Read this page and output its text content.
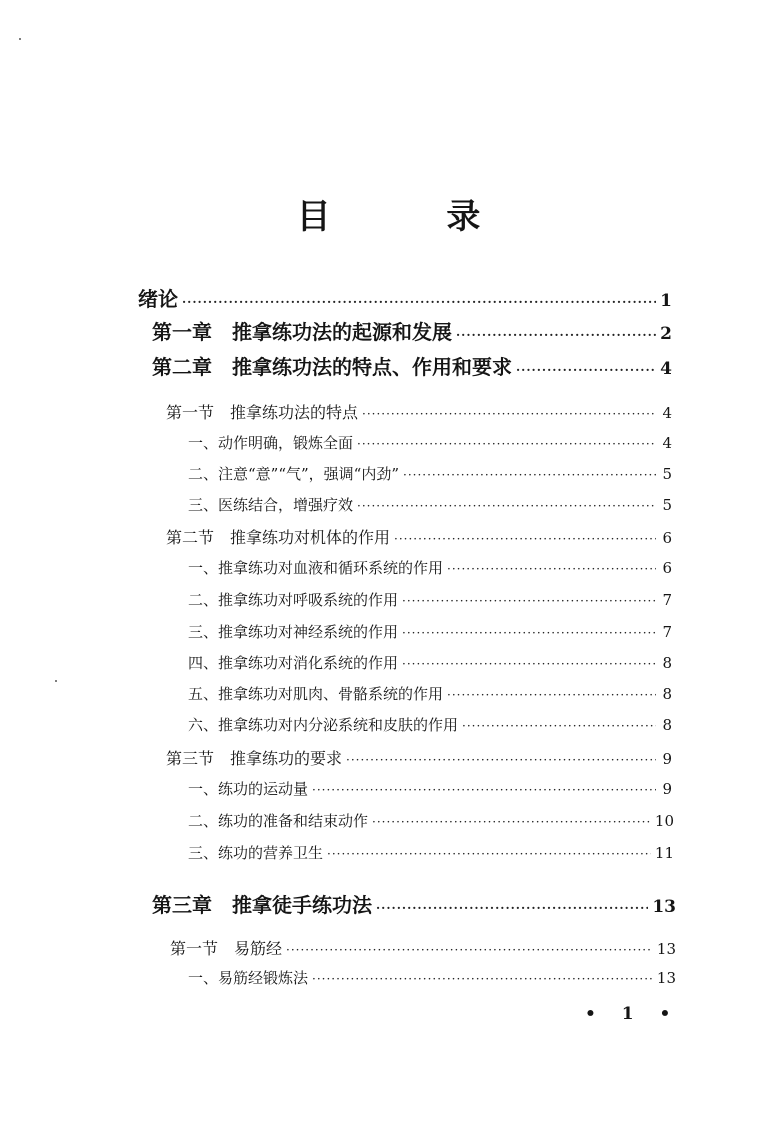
目 录
绪论 ·····	1
第一章　推拿练功法的起源和发展 ·····	2
第二章　推拿练功法的特点、作用和要求 ·····	4
第一节　推拿练功法的特点 ·····	4
一、动作明确，锻炼全面 ·····	4
二、注意“意”“气”，强调“内劲” ·····	5
三、医练结合，增强疗效 ·····	5
第二节　推拿练功对机体的作用 ·····	6
一、推拿练功对血液和循环系统的作用 ·····	6
二、推拿练功对呼吸系统的作用 ·····	7
三、推拿练功对神经系统的作用 ·····	7
四、推拿练功对消化系统的作用 ·····	8
五、推拿练功对肌肉、骨骼系统的作用 ·····	8
六、推拿练功对内分泌系统和皮肤的作用 ·····	8
第三节　推拿练功的要求 ·····	9
一、练功的运动量 ·····	9
二、练功的准备和结束动作 ·····	10
三、练功的营养卫生 ·····	11
第三章　推拿徒手练功法 ·····	13
第一节　易筋经 ·····	13
一、易筋经锻炼法 ·····	13
• 1 •
